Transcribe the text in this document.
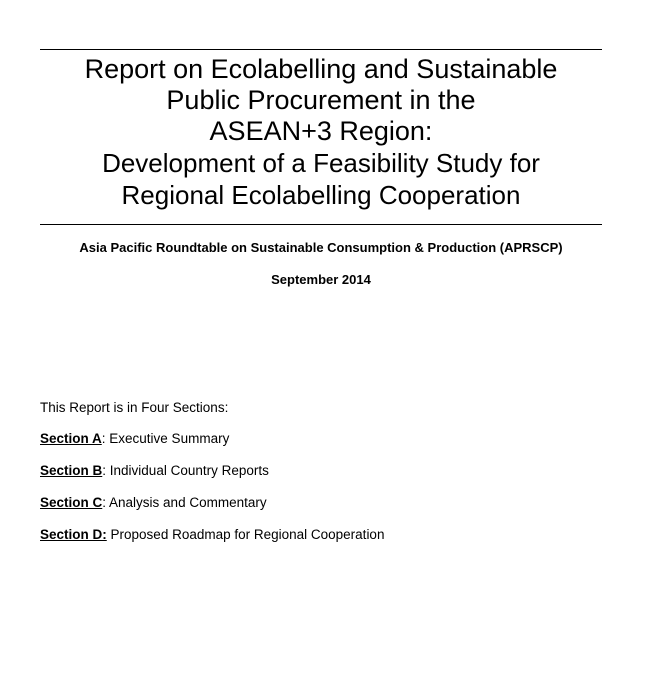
Report on Ecolabelling and Sustainable
Public Procurement in the
ASEAN+3 Region:
Development of a Feasibility Study for
Regional Ecolabelling Cooperation
Asia Pacific Roundtable on Sustainable Consumption & Production (APRSCP)
September 2014
This Report is in Four Sections:
Section A: Executive Summary
Section B: Individual Country Reports
Section C: Analysis and Commentary
Section D: Proposed Roadmap for Regional Cooperation
